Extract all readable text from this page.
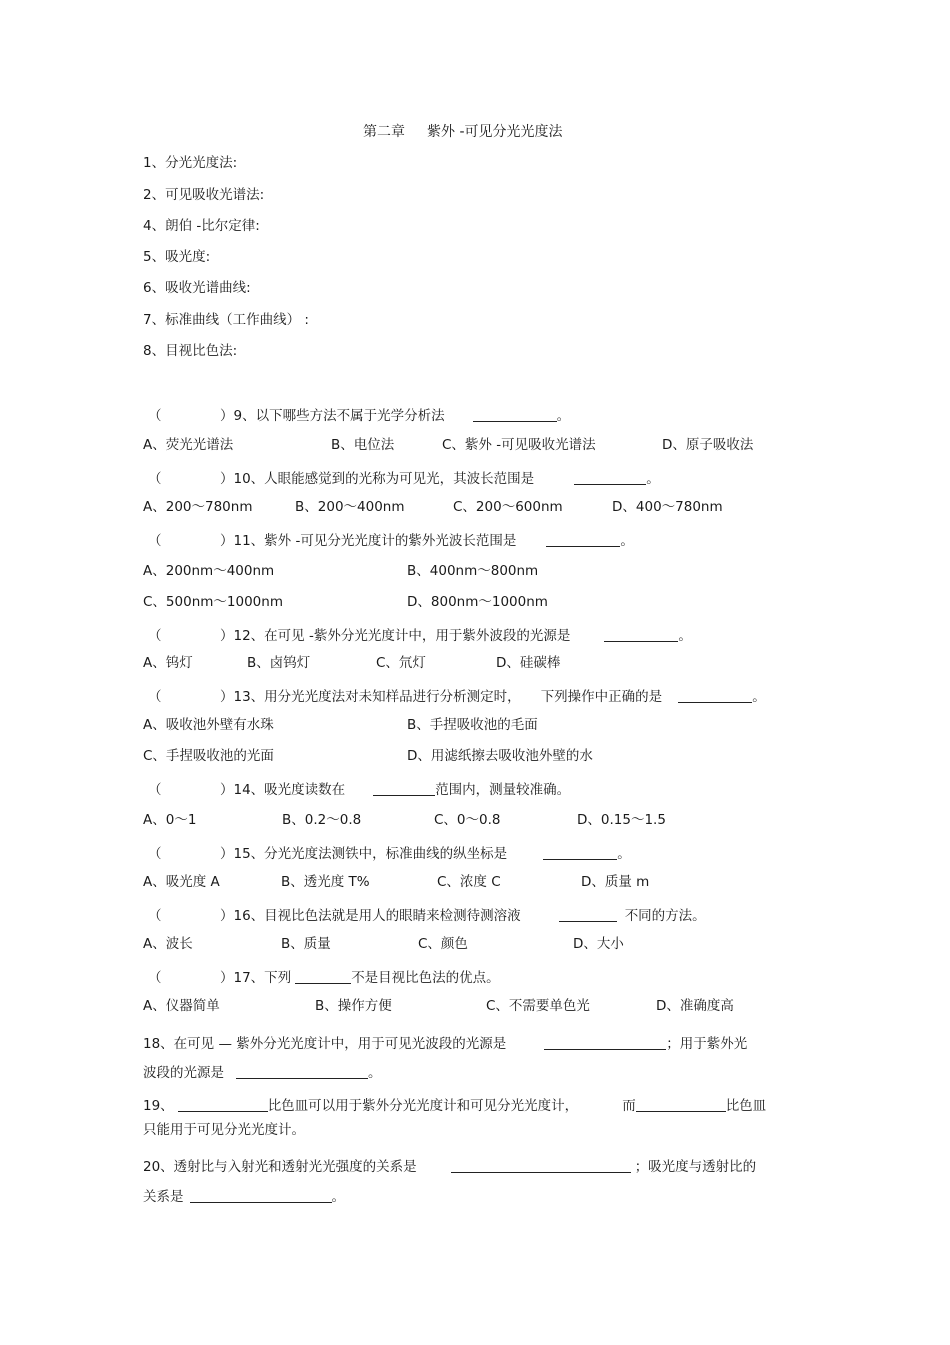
第二章 紫外 -可见分光光度法
1、分光光度法:
2、可见吸收光谱法:
4、朗伯 -比尔定律:
5、吸光度:
6、吸收光谱曲线:
7、标准曲线（工作曲线） :
8、目视比色法:
（	）9、以下哪些方法不属于光学分析法	。
A、荧光光谱法	B、电位法	C、紫外 -可见吸收光谱法	D、原子吸收法
（	）10、人眼能感觉到的光称为可见光，其波长范围是	。
A、200～780nm	B、200～400nm	C、200～600nm	D、400～780nm
（	）11、紫外 -可见分光光度计的紫外光波长范围是	。
A、200nm～400nm	B、400nm～800nm
C、500nm～1000nm	D、800nm～1000nm
（	）12、在可见 -紫外分光光度计中，用于紫外波段的光源是	。
A、钨灯	B、卤钨灯	C、氘灯	D、硅碳棒
（	）13、用分光光度法对未知样品进行分析测定时， 下列操作中正确的是	。
A、吸收池外壁有水珠	B、手捏吸收池的毛面
C、手捏吸收池的光面	D、用滤纸擦去吸收池外壁的水
（	）14、吸光度读数在	范围内，测量较准确。
A、0～1	B、0.2～0.8	C、0～0.8	D、0.15～1.5
（	）15、分光光度法测铁中，标准曲线的纵坐标是	。
A、吸光度 A	B、透光度 T%	C、浓度 C	D、质量 m
（	）16、目视比色法就是用人的眼睛来检测待测溶液	不同的方法。
A、波长	B、质量	C、颜色	D、大小
（	）17、下列	不是目视比色法的优点。
A、仪器简单	B、操作方便	C、不需要单色光	D、准确度高
18、在可见 — 紫外分光光度计中，用于可见光波段的光源是	；用于紫外光
波段的光源是	。
19、	比色皿可以用于紫外分光光度计和可见分光光度计，	而	比色皿
只能用于可见分光光度计。
20、透射比与入射光和透射光光强度的关系是	；吸光度与透射比的
关系是	。
